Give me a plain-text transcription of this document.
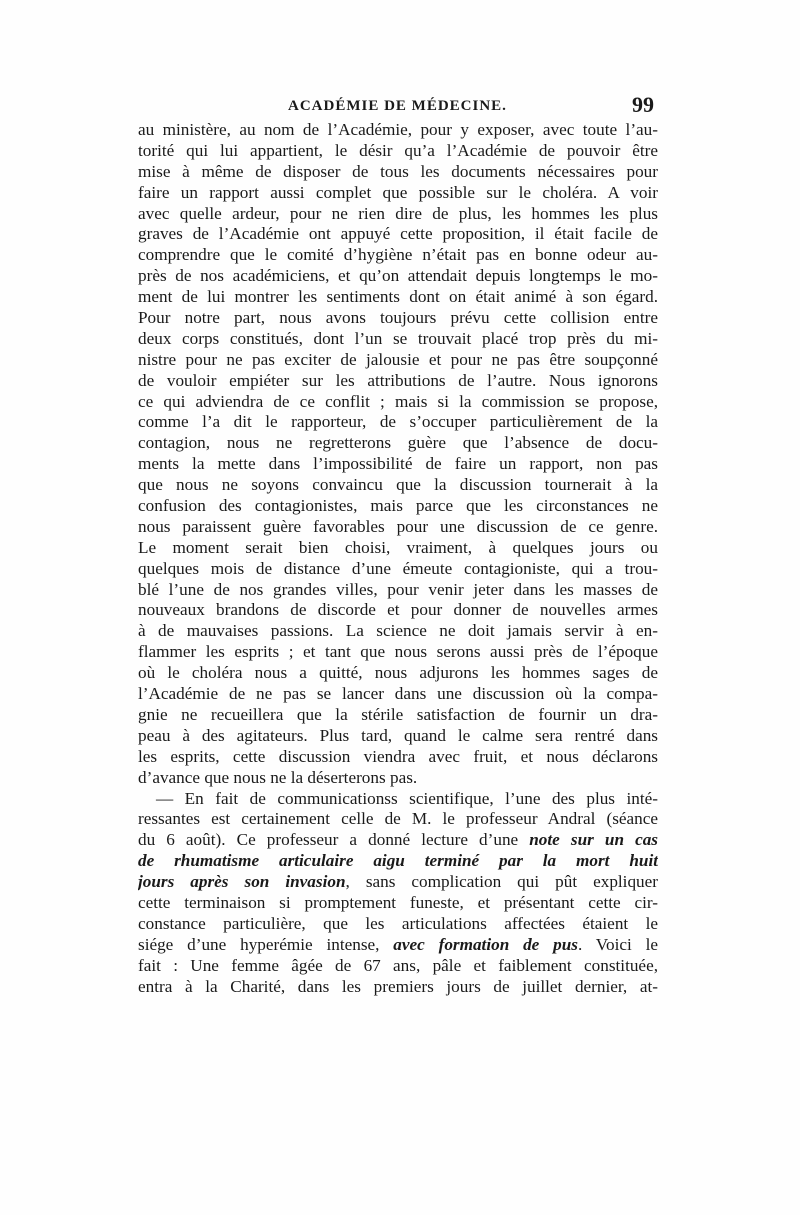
ACADÉMIE DE MÉDECINE.	99
au ministère, au nom de l’Académie, pour y exposer, avec toute l’au-
torité qui lui appartient, le désir qu’a l’Académie de pouvoir être
mise à même de disposer de tous les documents nécessaires pour
faire un rapport aussi complet que possible sur le choléra. A voir
avec quelle ardeur, pour ne rien dire de plus, les hommes les plus
graves de l’Académie ont appuyé cette proposition, il était facile de
comprendre que le comité d’hygiène n’était pas en bonne odeur au-
près de nos académiciens, et qu’on attendait depuis longtemps le mo-
ment de lui montrer les sentiments dont on était animé à son égard.
Pour notre part, nous avons toujours prévu cette collision entre
deux corps constitués, dont l’un se trouvait placé trop près du mi-
nistre pour ne pas exciter de jalousie et pour ne pas être soupçonné
de vouloir empiéter sur les attributions de l’autre. Nous ignorons
ce qui adviendra de ce conflit ; mais si la commission se propose,
comme l’a dit le rapporteur, de s’occuper particulièrement de la
contagion, nous ne regretterons guère que l’absence de docu-
ments la mette dans l’impossibilité de faire un rapport, non pas
que nous ne soyons convaincu que la discussion tournerait à la
confusion des contagionistes, mais parce que les circonstances ne
nous paraissent guère favorables pour une discussion de ce genre.
Le moment serait bien choisi, vraiment, à quelques jours ou
quelques mois de distance d’une émeute contagioniste, qui a trou-
blé l’une de nos grandes villes, pour venir jeter dans les masses de
nouveaux brandons de discorde et pour donner de nouvelles armes
à de mauvaises passions. La science ne doit jamais servir à en-
flammer les esprits ; et tant que nous serons aussi près de l’époque
où le choléra nous a quitté, nous adjurons les hommes sages de
l’Académie de ne pas se lancer dans une discussion où la compa-
gnie ne recueillera que la stérile satisfaction de fournir un dra-
peau à des agitateurs. Plus tard, quand le calme sera rentré dans
les esprits, cette discussion viendra avec fruit, et nous déclarons
d’avance que nous ne la déserterons pas.
— En fait de communicationss scientifique, l’une des plus inté-
ressantes est certainement celle de M. le professeur Andral (séance
du 6 août). Ce professeur a donné lecture d’une note sur un cas
de rhumatisme articulaire aigu terminé par la mort huit
jours après son invasion, sans complication qui pût expliquer
cette terminaison si promptement funeste, et présentant cette cir-
constance particulière, que les articulations affectées étaient le
siége d’une hyperémie intense, avec formation de pus. Voici le
fait : Une femme âgée de 67 ans, pâle et faiblement constituée,
entra à la Charité, dans les premiers jours de juillet dernier, at-
